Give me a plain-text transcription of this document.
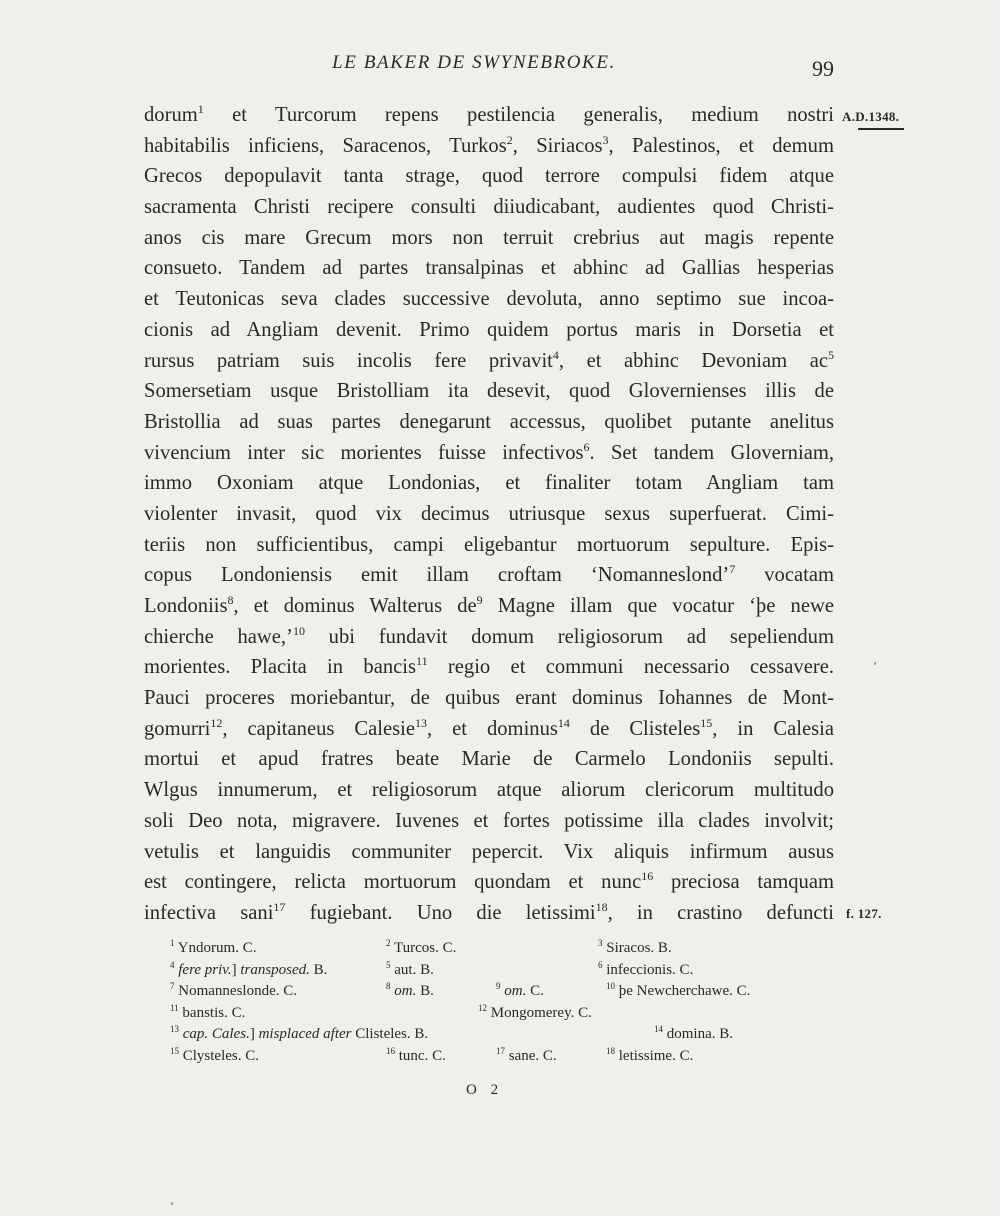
LE BAKER DE SWYNEBROKE.	99
A.D.1348.
f. 127.
dorum$^1$ et Turcorum repens pestilencia generalis, medium nostri
habitabilis inficiens, Saracenos, Turkos$^2$, Siriacos$^3$, Palestinos, et demum
Grecos depopulavit tanta strage, quod terrore compulsi fidem atque
sacramenta Christi recipere consulti diiudicabant, audientes quod Christi-
anos cis mare Grecum mors non terruit crebrius aut magis repente
consueto. Tandem ad partes transalpinas et abhinc ad Gallias hesperias
et Teutonicas seva clades successive devoluta, anno septimo sue incoa-
cionis ad Angliam devenit. Primo quidem portus maris in Dorsetia et
rursus patriam suis incolis fere privavit$^4$, et abhinc Devoniam $ac^5$
Somersetiam usque Bristolliam ita desevit, quod Glovernienses illis de
Bristollia ad suas partes denegarunt accessus, quolibet putante anelitus
vivencium inter sic morientes fuisse infectivos$^6$. Set tandem Gloverniam,
immo Oxoniam atque Londonias, et finaliter totam Angliam tam
violenter invasit, quod vix decimus utriusque sexus superfuerat. Cimi-
teriis non sufficientibus, campi eligebantur mortuorum sepulture. Epis-
copus Londoniensis emit illam croftam ‘Nomanneslond’$^7$ vocatam
Londoniis$^8$, et dominus Walterus $de^9$ Magne illam que vocatur ‘þe newe
chierche hawe,’$^{10}$ ubi fundavit domum religiosorum ad sepeliendum
morientes. Placita in bancis$^{11}$ regio et communi necessario cessavere.
Pauci proceres moriebantur, de quibus erant dominus Iohannes de Mont-
gomurri$^{12}$, capitaneus Calesie$^{13}$, et dominus$^{14}$ de Clisteles$^{15}$, in Calesia
mortui et apud fratres beate Marie de Carmelo Londoniis sepulti.
Wlgus innumerum, et religiosorum atque aliorum clericorum multitudo
soli Deo nota, migravere. Iuvenes et fortes potissime illa clades involvit;
vetulis et languidis communiter pepercit. Vix aliquis infirmum ausus
est contingere, relicta mortuorum quondam et nunc$^{16}$ preciosa tamquam
infectiva sani$^{17}$ fugiebant. Uno die letissimi$^{18}$, in crastino defuncti
$^1$ Yndorum. C.	$^2$ Turcos. C.	$^3$ Siracos. B.
$^4$ fere priv.] transposed. B.	$^5$ aut. B.	$^6$ infeccionis. C.
$^7$ Nomanneslonde. C.	$^8$ om. B.	$^9$ om. C.	$^{10}$ þe Newcherchawe. C.
$^{11}$ banstis. C.	$^{12}$ Mongomerey. C.
$^{13}$ cap. Cales.] misplaced after Clisteles. B.	$^{14}$ domina. B.
$^{15}$ Clysteles. C.	$^{16}$ tunc. C.	$^{17}$ sane. C.	$^{18}$ letissime. C.
O 2
